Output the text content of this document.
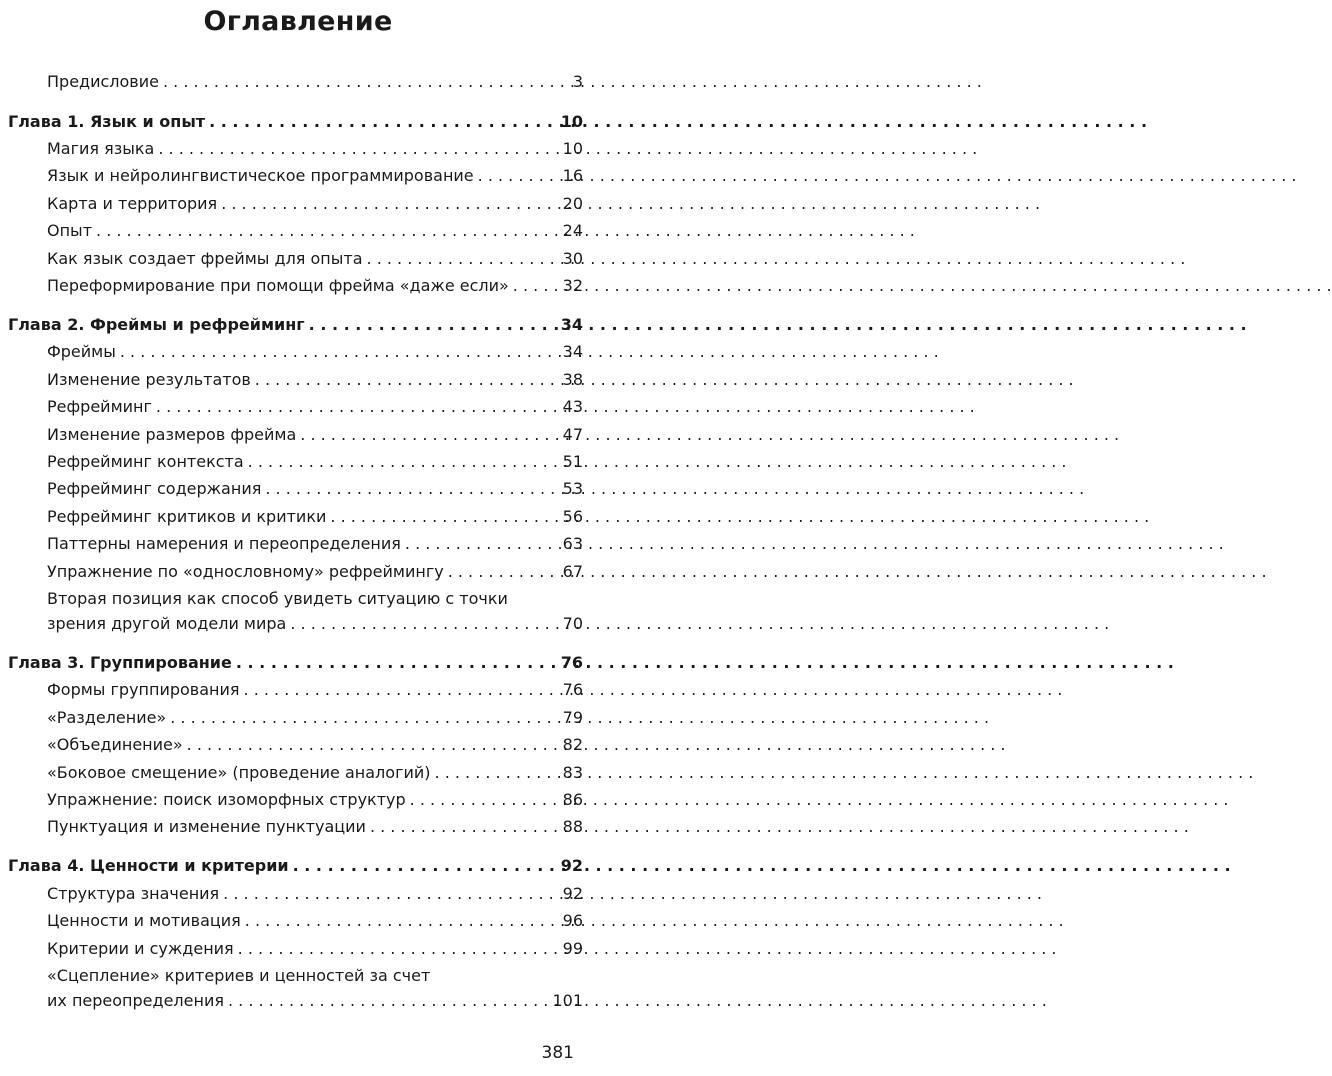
Оглавление
Предисловие . . .	3
Глава 1. Язык и опыт . . .	10
Магия языка . . .	10
Язык и нейролингвистическое программирование . . .	16
Карта и территория . . .	20
Опыт . . .	24
Как язык создает фреймы для опыта . . .	30
Переформирование при помощи фрейма «даже если» . . .	32
Глава 2. Фреймы и рефрейминг . . .	34
Фреймы . . .	34
Изменение результатов . . .	38
Рефрейминг . . .	43
Изменение размеров фрейма . . .	47
Рефрейминг контекста . . .	51
Рефрейминг содержания . . .	53
Рефрейминг критиков и критики . . .	56
Паттерны намерения и переопределения . . .	63
Упражнение по «однословному» рефреймингу . . .	67
Вторая позиция как способ увидеть ситуацию с точки
зрения другой модели мира . . .	70
Глава 3. Группирование . . .	76
Формы группирования . . .	76
«Разделение» . . .	79
«Объединение» . . .	82
«Боковое смещение» (проведение аналогий) . . .	83
Упражнение: поиск изоморфных структур . . .	86
Пунктуация и изменение пунктуации . . .	88
Глава 4. Ценности и критерии . . .	92
Структура значения . . .	92
Ценности и мотивация . . .	96
Критерии и суждения . . .	99
«Сцепление» критериев и ценностей за счет
их переопределения . . .	101
381
